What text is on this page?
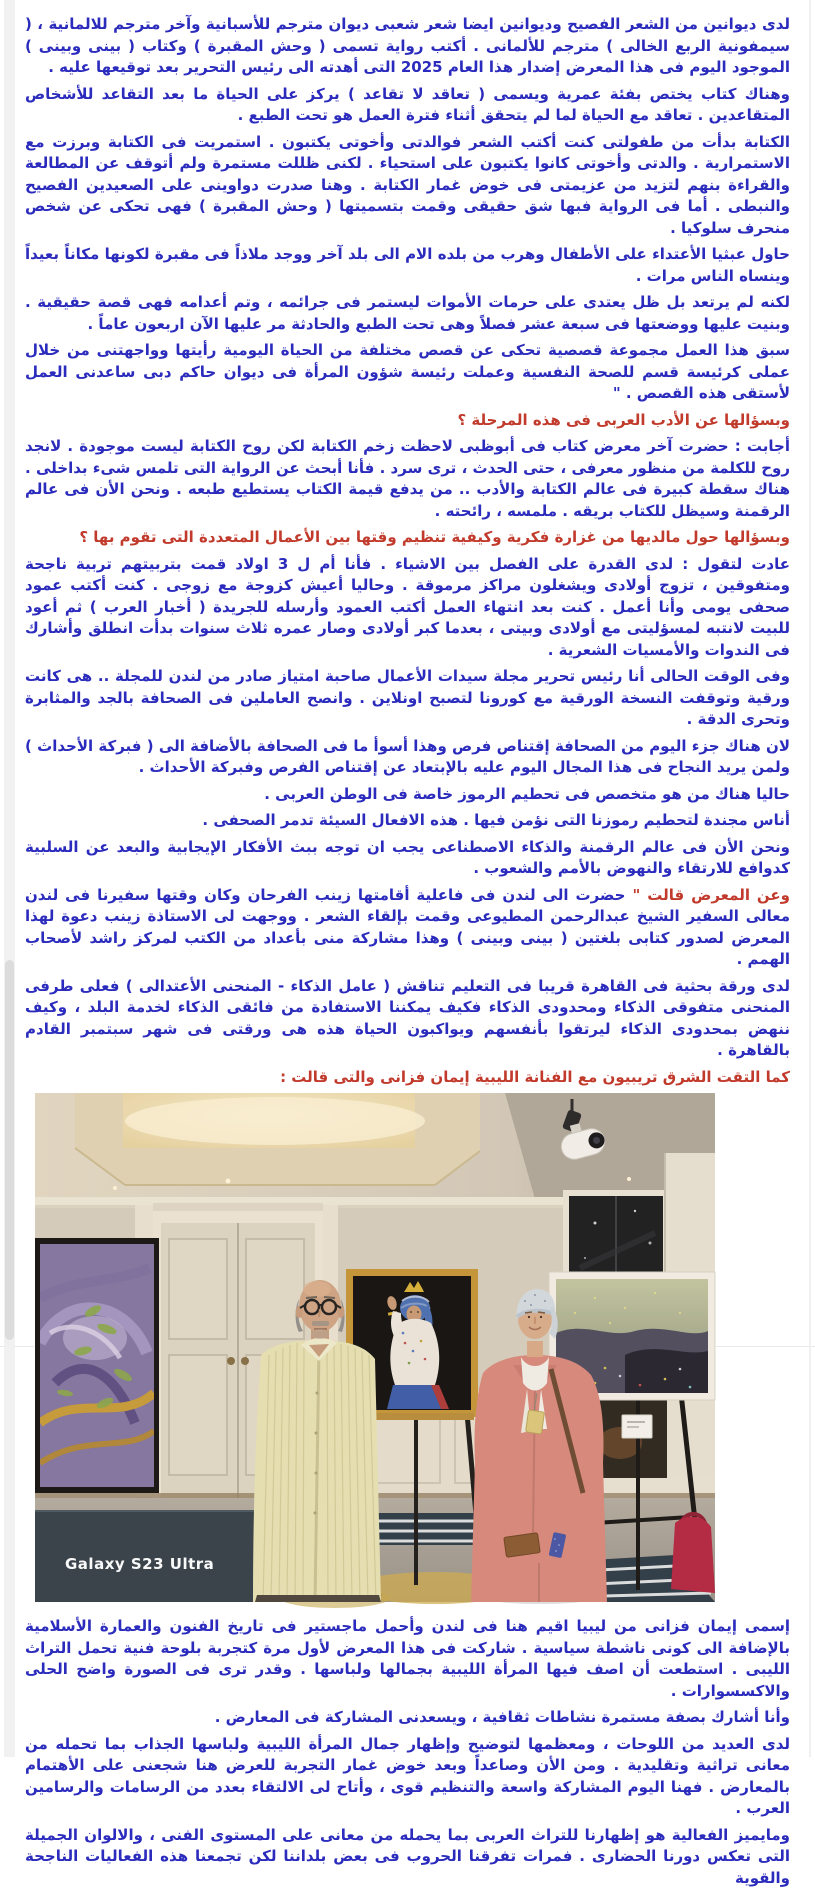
لدى ديوانين من الشعر الفصيح وديوانين ايضا شعر شعبى ديوان مترجم للأسبانية وآخر مترجم للالمانية ، ( سيمفونية الربع الخالى ) مترجم للألمانى . أكتب رواية تسمى ( وحش المقبرة ) وكتاب ( بينى وبينى ) الموجود اليوم فى هذا المعرض إضدار هذا العام 2025 التى أهدته الى رئيس التحرير بعد توقيعها عليه .

وهناك كتاب يختص بفئة عمرية ويسمى ( تعاقد لا تقاعد ) يركز على الحياة ما بعد التقاعد للأشخاص المتقاعدين . تعاقد مع الحياة لما لم يتحقق أثناء فترة العمل هو تحت الطبع .

الكتابة بدأت من طفولتى كنت أكتب الشعر فوالدتى وأخوتى يكتبون . استمريت فى الكتابة وبرزت مع الاستمرارية . والدتى وأخوتى كانوا يكتبون على استحياء . لكنى ظللت مستمرة ولم أتوقف عن المطالعة والقراءة بنهم لتزيد من عزيمتى فى خوض غمار الكتابة . وهنا صدرت دواوينى على الصعيدين الفصيح والنبطى . أما فى الرواية فبها شق حقيقى وقمت بتسميتها ( وحش المقبرة ) فهى تحكى عن شخص منحرف سلوكيا .

حاول عبثيا الأعتداء على الأطفال وهرب من بلده الام الى بلد آخر ووجد ملاذاً فى مقبرة لكونها مكاناً بعيداً وينساه الناس مرات .

لكنه لم يرتعد بل ظل يعتدى على حرمات الأموات ليستمر فى جرائمه ، وتم أعدامه فهى قصة حقيقية . وبنيت عليها ووضعتها فى سبعة عشر فصلاً وهى تحت الطبع والحادثة مر عليها الآن اربعون عاماً .

سبق هذا العمل مجموعة قصصية تحكى عن قصص مختلفة من الحياة اليومية رأيتها وواجهتنى من خلال عملى كرئيسة قسم للصحة النفسية وعملت رئيسة شؤون المرأة فى ديوان حاكم دبى ساعدنى العمل لأستقى هذه القصص . "

وبسؤالها عن الأدب العربى فى هذه المرحلة ؟

أجابت : حضرت آخر معرض كتاب فى أبوظبى لاحظت زخم الكتابة لكن روح الكتابة ليست موجودة . لانجد روح للكلمة من منظور معرفى ، حتى الحدث ، ترى سرد . فأنا أبحث عن الرواية التى تلمس شىء بداخلى . هناك سقطة كبيرة فى عالم الكتابة والأدب .. من يدفع قيمة الكتاب يستطيع طبعه . ونحن الأن فى عالم الرقمنة وسيظل للكتاب بريقه . ملمسه ، رائحته .

وبسؤالها حول مالديها من غزارة فكرية وكيفية تنظيم وقتها بين الأعمال المتعددة التى تقوم بها ؟

عادت لتقول : لدى القدرة على الفصل بين الاشياء . فأنا أم ل 3 اولاد قمت بتربيتهم تربية ناجحة ومتفوقين ، تزوج أولادى ويشغلون مراكز مرموقة . وحاليا أعيش كزوجة مع زوجى . كنت أكتب عمود صحفى يومى وأنا أعمل . كنت بعد انتهاء العمل أكتب العمود وأرسله للجريدة ( أخبار العرب ) ثم أعود للبيت لانتبه لمسؤليتى مع أولادى وبيتى ، بعدما كبر أولادى وصار عمره ثلاث سنوات بدأت انطلق وأشارك فى الندوات والأمسيات الشعرية .

وفى الوقت الحالى أنا رئيس تحرير مجلة سيدات الأعمال صاحبة امتياز صادر من لندن للمجلة .. هى كانت ورقية وتوقفت النسخة الورقية مع كورونا لتصبح اونلاين . وانصح العاملين فى الصحافة بالجد والمثابرة وتحرى الدقة .

لان هناك جزء اليوم من الصحافة إقتناص فرص وهذا أسوأ ما فى الصحافة بالأضافة الى ( فبركة الأحداث ) ولمن يريد النجاح فى هذا المجال اليوم عليه بالإبتعاد عن إقتناص الفرص وفبركة الأحداث .

حاليا هناك من هو متخصص فى تحطيم الرموز خاصة فى الوطن العربى .

أناس مجندة لتحطيم رموزنا التى نؤمن فيها . هذه الافعال السيئة تدمر الصحفى .

ونحن الأن فى عالم الرقمنة والذكاء الاصطناعى يجب ان توجه ببث الأفكار الإيجابية والبعد عن السلبية كدوافع للارتقاء والنهوض بالأمم والشعوب .

وعن المعرض قالت " حضرت الى لندن فى فاعلية أقامتها زينب الفرحان وكان وقتها سفيرنا فى لندن معالى السفير الشيخ عبدالرحمن المطيوعى وقمت بإلقاء الشعر . ووجهت لى الاستاذة زينب دعوة لهذا المعرض لصدور كتابى بلغتين ( بينى وبينى ) وهذا مشاركة منى بأعداد من الكتب لمركز راشد لأصحاب الهمم .

لدى ورقة بحثية فى القاهرة قريبا فى التعليم تناقش ( عامل الذكاء - المنحنى الأعتدالى ) فعلى طرفى المنحنى متفوقى الذكاء ومحدودى الذكاء فكيف يمكننا الاستفادة من فائقى الذكاء لخدمة البلد ، وكيف ننهض بمحدودى الذكاء ليرتقوا بأنفسهم ويواكبون الحياة هذه هى ورقتى فى شهر سبتمبر القادم بالقاهرة .

كما التقت الشرق تريبيون مع الفنانة الليبية إيمان فزانى والتى قالت :

Galaxy S23 Ultra

إسمى إيمان فزانى من ليبيا اقيم هنا فى لندن وأحمل ماجستير فى تاريخ الفنون والعمارة الأسلامية بالإضافة الى كونى ناشطة سياسية . شاركت فى هذا المعرض لأول مرة كتجربة بلوحة فنية تحمل التراث الليبى . استطعت أن اصف فيها المرأة الليبية بجمالها ولباسها . وقدر ترى فى الصورة واضح الحلى والاكسسوارات .

وأنا أشارك بصفة مستمرة نشاطات ثقافية ، ويسعدنى المشاركة فى المعارض .

لدى العديد من اللوحات ، ومعظمها لتوضيح وإظهار جمال المرأة الليبية ولباسها الجذاب بما تحمله من معانى تراثية وتقليدية . ومن الأن وصاعداً وبعد خوض غمار التجربة للعرض هنا شجعنى على الأهتمام بالمعارض . فهنا اليوم المشاركة واسعة والتنظيم قوى ، وأتاح لى الالتقاء بعدد من الرسامات والرسامين العرب .

ومايميز الفعالية هو إظهارنا للتراث العربى بما يحمله من معانى على المستوى الفنى ، والالوان الجميلة التى تعكس دورنا الحضارى . فمرات تفرقنا الحروب فى بعض بلداننا لكن تجمعنا هذه الفعاليات الناجحة والقوية
